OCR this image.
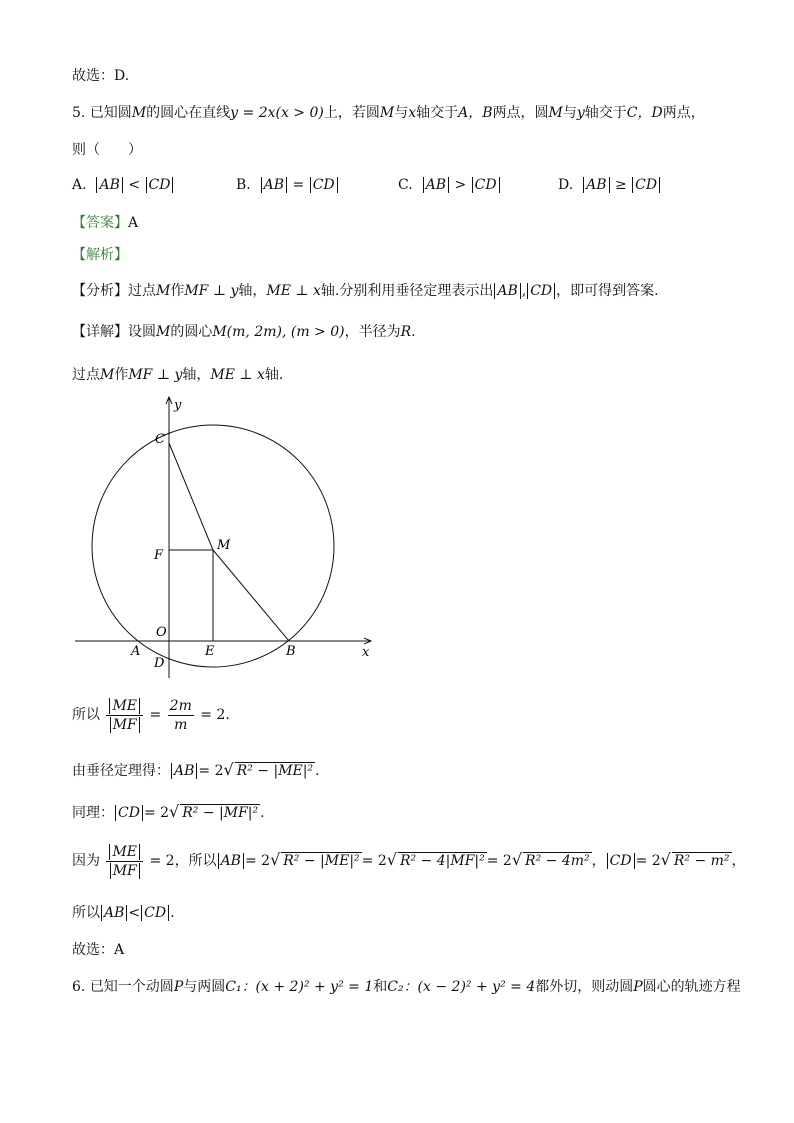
故选：D.
5. 已知圆M的圆心在直线y = 2x(x > 0)上，若圆M与x轴交于A，B两点，圆M与y轴交于C，D两点，
则（　　）
A. AB < CD	B. AB = CD	C. AB > CD	D. AB ≥ CD
【答案】A
【解析】
【分析】过点M作MF ⊥ y轴，ME ⊥ x轴.分别利用垂径定理表示出 AB , CD ，即可得到答案.
【详解】设圆M的圆心M(m, 2m), (m > 0)，半径为R.
过点M作MF ⊥ y轴，ME ⊥ x轴.
y
x
C
M
F
O
A
D
E	B
所以 $\frac{ME}{MF} = \frac{2m}{m} = 2$.
由垂径定理得： AB = 2√ R² − |ME|² .
同理： CD = 2√ R² − |MF|² .
因为 $\frac{ME}{MF} = 2$，所以 AB = 2√ R² − |ME|² = 2√ R² − 4|MF|² = 2√ R² − 4m² ， CD = 2√ R² − m² ，
所以 AB < CD .
故选：A
6. 已知一个动圆P与两圆C₁：(x + 2)² + y² = 1和C₂：(x − 2)² + y² = 4都外切，则动圆P圆心的轨迹方程
